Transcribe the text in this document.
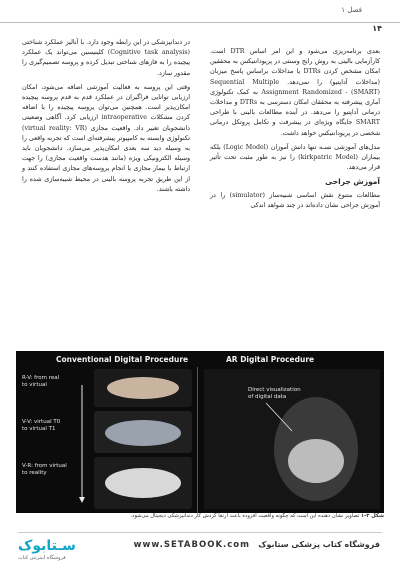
فصل ۱
۱۴

بعدی برنامه‌ریزی می‌شود و این امر اساس DTR است. کارآزمایی بالینی به روش رایج وسنتی در پریودانتیکس به محققین امکان مشخص کردن DTRs یا مداخلات براساس پاسخ میزبان (مداخلات آداپتیو) را نمی‌دهد. Sequential Multiple Assignment Randomized - (SMART) به کمک تکنولوژی آماری پیشرفته به محققان امکان دسترسی به DTRs و مداخلات درمانی آداپتیو را می‌دهد. در آینده مطالعات بالینی با طراحی SMART جایگاه ویژه‌ای در پیشرفت و تکامل پروتکل درمانی شخصی در پریودانتیکس خواهد داشت.

مدل‌های آموزشی نسـه تنها دانش آموزان (Logic Model) بلکه بیماران (kirkpatric Model) را نیز به طور مثبت تحت تأثیر قرار می‌دهد.

آموزش جراحی

مطالعات متنوع نقش اساسی شبیه‌ساز (simulator) را در آموزش جراحی نشان داده‌اند در چند شواهد اندکی

در دندانپزشکی در این رابطه وجود دارد. با آنالیز عملکرد شناختی (Cognitive task analysis) کلینیسین می‌تواند یک عملکرد پیچیده را به فازهای شناختی تبدیل کرده و پروسه تصمیم‌گیری را مقدور سازد.

وقتی این پروسه به فعالیت آموزشی اضافه می‌شود، امکان ارزیابی توانایی فراگیران در عملکرد قدم به قدم پروسه پیچیده امکان‌پذیر است. همچنین می‌توان پروسه پیچیده را با اضافه کردن مشکلات intraoperative ارزیابی کرد. آگاهی وضعیتی دانشجویان تغییر داد. واقعیت مجازی (virtual reality: VR) تکنولوژی وابسته به کامپیوتر پیشرفته‌ای است که تجربه واقعی را به وسیله دید سه بعدی امکان‌پذیر می‌سازد. دانشجویان باید وسیله الکترونیکی ویژه (مانند هدست واقعیت مجازی) را جهت ارتباط با بیمار مجازی یا انجام پروسه‌های مجازی استفاده کنند و از این طریق تجربه پروسه بالینی در محیط شبیه‌سازی شده را داشته باشند.

Conventional Digital Procedure	AR Digital Procedure
R-V: from real
to virtual
V-V: virtual T0
to virtual T1
V-R: from virtual
to reality
Direct visualization
of digital data
شکل ۳-۱ تصاویر نشان دهنده این است که چگونه واقعیت افزوده باعث ارتقا گردش کار دندانپزشکی دیجیتال می‌شود.
فروشگاه کتاب پزشکی ستابوک
www.SETABOOK.com
سـتابوک
فروشگاه اینترنتی کتاب
